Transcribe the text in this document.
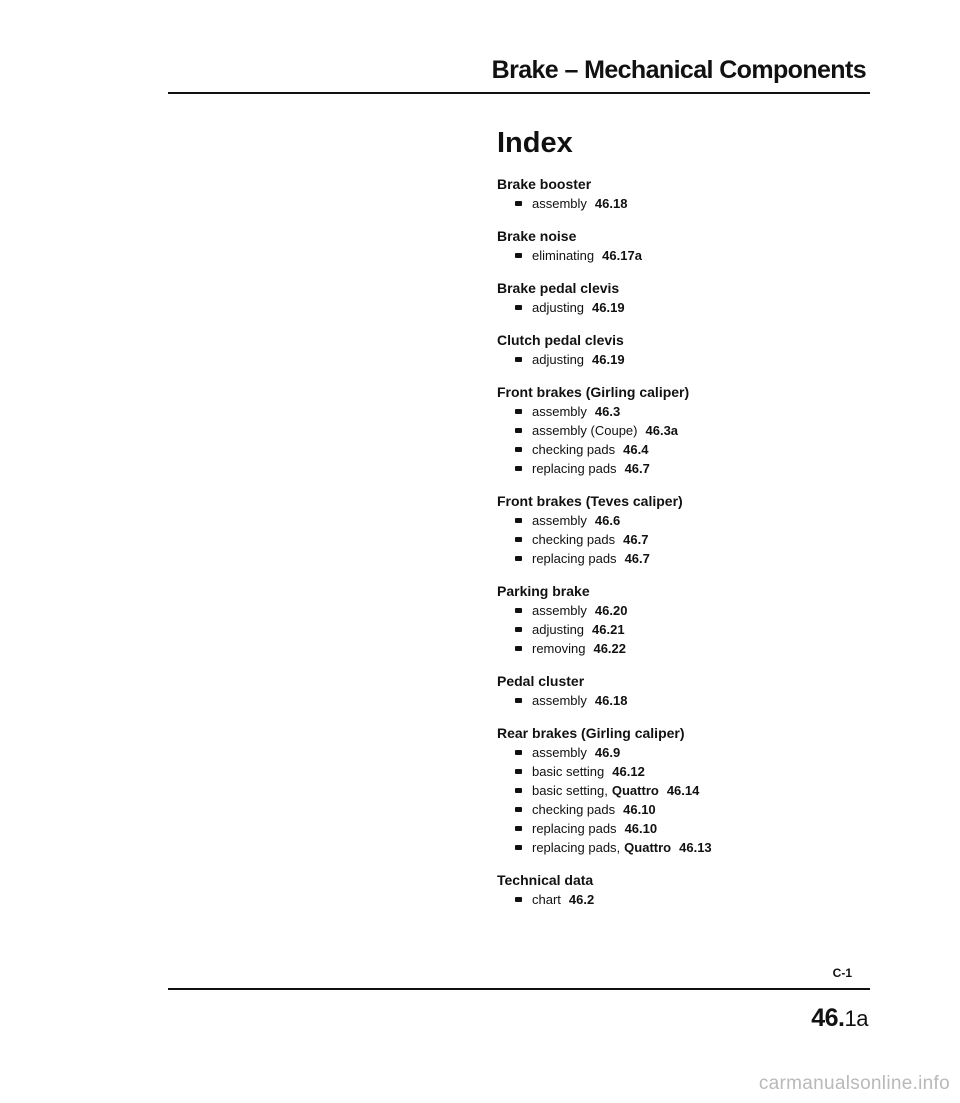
Brake – Mechanical Components
Index
Brake booster
assembly 46.18
Brake noise
eliminating 46.17a
Brake pedal clevis
adjusting 46.19
Clutch pedal clevis
adjusting 46.19
Front brakes (Girling caliper)
assembly 46.3
assembly (Coupe) 46.3a
checking pads 46.4
replacing pads 46.7
Front brakes (Teves caliper)
assembly 46.6
checking pads 46.7
replacing pads 46.7
Parking brake
assembly 46.20
adjusting 46.21
removing 46.22
Pedal cluster
assembly 46.18
Rear brakes (Girling caliper)
assembly 46.9
basic setting 46.12
basic setting, Quattro 46.14
checking pads 46.10
replacing pads 46.10
replacing pads, Quattro 46.13
Technical data
chart 46.2
C-1
46.1a
carmanualsonline.info
